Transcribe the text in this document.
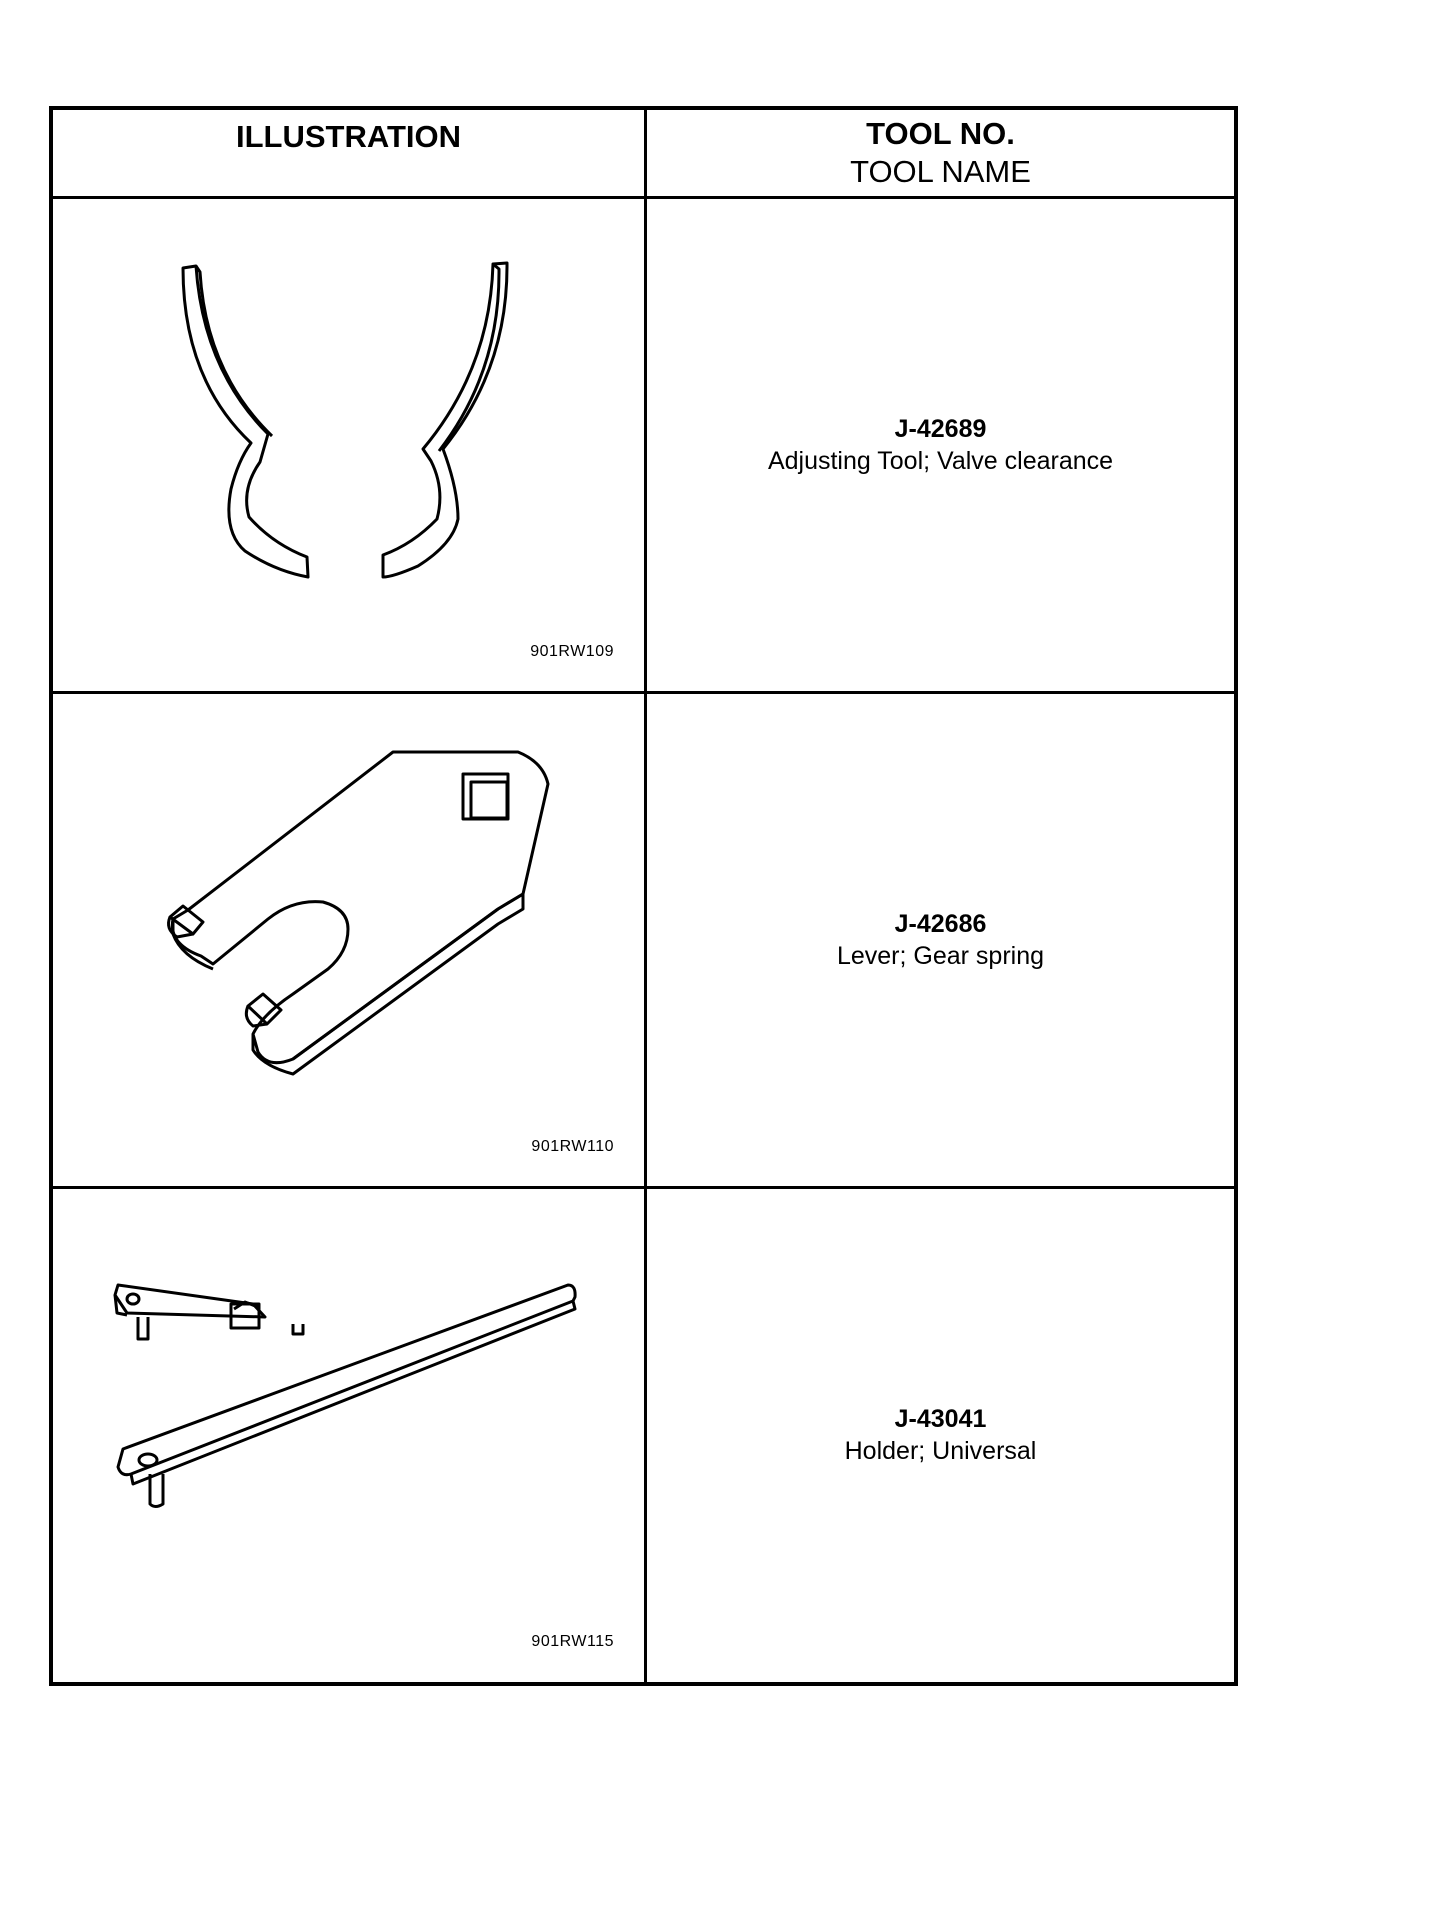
ILLUSTRATION	TOOL NO.
TOOL NAME
901RW109
J-42689
Adjusting Tool; Valve clearance
901RW110
J-42686
Lever; Gear spring
901RW115
J-43041
Holder; Universal
